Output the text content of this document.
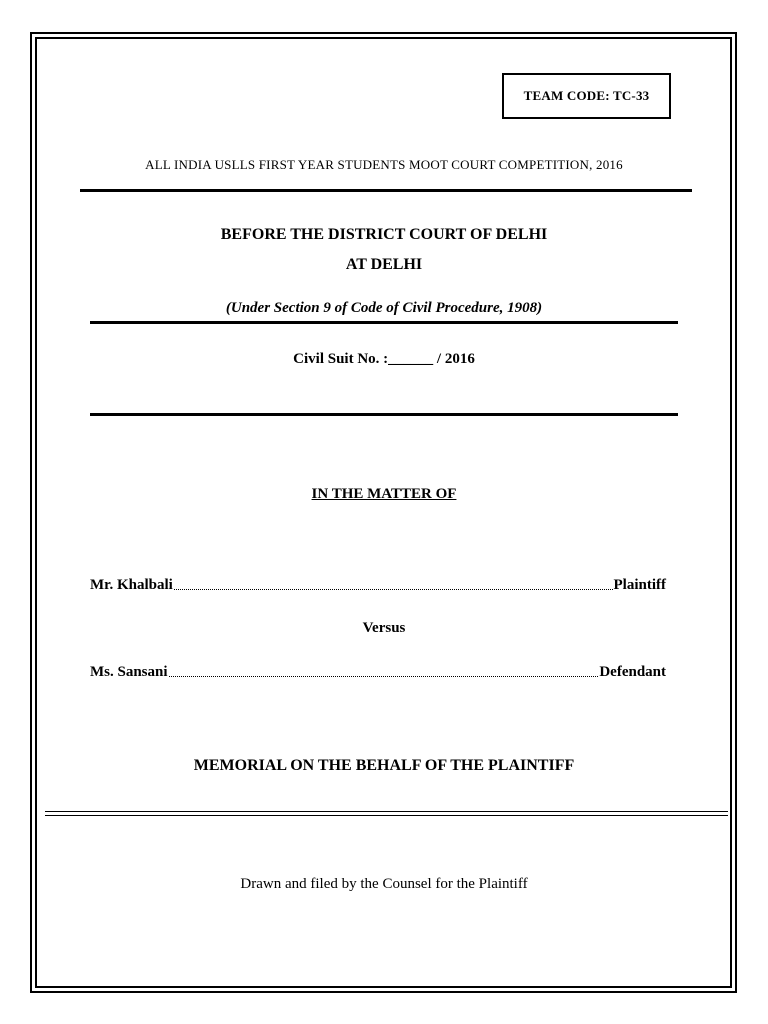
TEAM CODE: TC-33
ALL INDIA USLLS FIRST YEAR STUDENTS MOOT COURT COMPETITION, 2016
BEFORE THE DISTRICT COURT OF DELHI
AT DELHI
(Under Section 9 of Code of Civil Procedure, 1908)
Civil Suit No. :______ / 2016
IN THE MATTER OF
Mr. Khalbali	Plaintiff
Versus
Ms. Sansani	Defendant
MEMORIAL ON THE BEHALF OF THE PLAINTIFF
Drawn and filed by the Counsel for the Plaintiff
